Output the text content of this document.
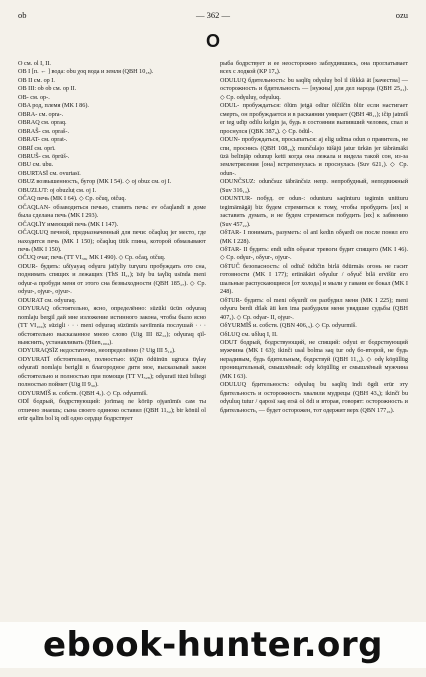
ob	— 362 —	ozu
O

O см. ol I, II.

OB I [п. ← ] вода: obu χoq вода и земля (QBH 10₁₈).

OB II см. op I.

OB III: ob ob см. op II.

OB- см. op-.

OBA род, племя (MK I 86).

OBRA- см. opra-.

OBRAQ см. opraq.

OBRAŠ- см. opraš-.

OBRAT- см. oprat-.

OBRÏ см. oprï.

OBRUŠ- см. öprüš-.

OBU см. ubu.

OBURTASÏ см. ovurtasï.

OBUZ возвышенность, бугор (MK I 54). ◇ oj obuz см. oj I.

OBUZLUT: oj obuzluṭ см. oj I.

OČAQ печь (MK I 64). ◇ Ср. očuq, otčuq.

OČAQLAN- обзаводиться печью, ставить печь: ev očaqlandï в доме была сделана печь (MK I 293).

OČAQLÏY имеющий печь (MK I 147).

OČAQLUQ печной, предназначенный для печи: očaqluq jer место, где находится печь (MK I 150); očaqluq titik глина, которой обмазывают печь (MK I 150).

OČUQ очаг, печь (TT VI₃₈, MK I 490). ◇ Ср. očaq, otčuq.

ODUR- будить: uδïyayaq odγuru jatïylïy turγuru пробуждать ото сна, поднимать спящих и лежащих (ThS II₂₁); ïsïγ bu taγlïq usïnda meni odγur-a пробуди меня от этого сна безвыходности (QBH 185₁₇). ◇ Ср. odyur-, ojγur-, ojyur-.

ODURAT см. odyuraq.

ODYURAQ обстоятельно, ясно, определённо: süzüki ücün odγuraq nomlaju bergil дай мне изложение истинного закона, чтобы было ясно (TT VI₁₀₄); süzigli · · · meni odγuraq süzümïs saviïmnïa послушай · · · обстоятельно высказанное мною слово (Uig III 82₁₂); odγuraq qïl- выяснить, устанавливать (Ḥüen₁₀₀₄).

ODYURAQSÏZ недостаточно, неопределённо (? Uig III 5₁₀).

ODYURATÏ обстоятельно, полностью: töζün ödüinün ugruca tïγlaγ odγuratï nomlaju beriglii в благородное дитя мое, высказывай закон обстоятельно и полностью при помощи (TT VI₃₂₈); odγuratï tüzü biltegi полностью поймет (Uig II 9₃₀).

ODYURMÏŠ и. собств. (QBH 4₇). ◇ Ср. odγurmïš.

ODÏ бодрый, бодрствующий: jorïmaq ne körüp ojγanïmïs сам ты отлично знаешь; сына своего одиноко оставил (QBH 11₃₂); bir könül ol erür qalïm bol ïq odï одно сердце бодрствует

рыба бодрствует и ее неосторожно заблудившись, она проглатывает всех с лодкой (KP 17₆).

ODULUQ бдительность: bu saqlïq odγuluγ bol il išikkä ät [качества] — осторожность и бдительность — [нужны] для дел народа (QBH 25₂₁). ◇ Ср. odγuluγ, odγuluq.

ODUL- пробуждаться: ölüm jetgä odïur ölčilčin ölür если настигает смерть, он пробуждается и в раскаянии умирает (QBH 48₁₁); ičip jatmïš er teg udïp odïlu kelgin ja, будь в состоянии выпивший человек, спал и проснулся (QBK 387₉). ◇ Ср. ödül-.

ODUN- пробуждаться, просыпаться: aj elig udïma odun о правитель, не спи, проснись (QBH 108₂₉); munčulajo tüšäjü jatur ürkän jer täbrämäki üzä belïnjäp odunup ketti когда она лежала и видела такой сон, из-за землетрясения [она] встрепенулась и проснулась (Suv 621₁). ◇ Ср. odun-.

ODUNČSUZ: odunčsuz täbränčsiz непр. непробудный, неподвижный (Suv 316₁₄).

ODUNTUR- побуд. от odun-: odunturu saqïnturu tegimin unitturu tegimämägäj biz будем стремиться к тому, чтобы пробудить [их] и заставить думать, и не будем стремиться побудить [их] к забвению (Suv 457₂₂).

OδTAR- I понимать, разуметь: ol anï kedin oδγardï он после понял его (MK I 228).

OδTAR- II будить: endi udïn oδγarar тревоги будит спящего (MK I 46). ◇ Ср. odγur-, oδyur-, ojyur-.

OδTUČ безопасность: ol odïuč ödüčin birlä ödürmäs огонь не гасит готовности (MK I 177); ertinäkäri oδγulur / oδγuč bilä ervïšür его шальные распускающиеся [от холода] и мыли у гавани ее бокал (MK I 248).

OδTUR- будить: ol meni oδγurdï он разбудил меня (MK I 225); meni odγuru berdi dïlak äti ken ima разбудили меня увядшие судьбы (QBH 407₃). ◇ Ср. odγar- II, ojγur-.

OδYURMÏŠ и. собств. (QBN 406₁₅). ◇ Ср. odyurmïš.

OδLUQ см. uδluq I, II.

ODUT бодрый, бодрствующий, не спящий: odyut er бодрствующий мужчина (MK I 63); ikinči usal bolma saq tur odγ бо-второй, не будь нерадивым, будь бдительным, бодрствуй (QBH 11₁₄). ◇ odγ köŋüllüg проницательный, смышлёный: odγ köŋüllüg er смышлёный мужчина (MK I 63).

ODULUQ бдительность: odγuluq bu saqlïq ïndi ögdi erür эту бдительность и осторожность хвалили мудрецы (QBH 43₉); ikinčï bu odγuluq tutur / qaposï saq ersä ol ödi и вторая, говорят: осторожность и бдительность, — будет осторожен, тот одержит верх (QBN 177₁₆).

ebook-hunter.org
